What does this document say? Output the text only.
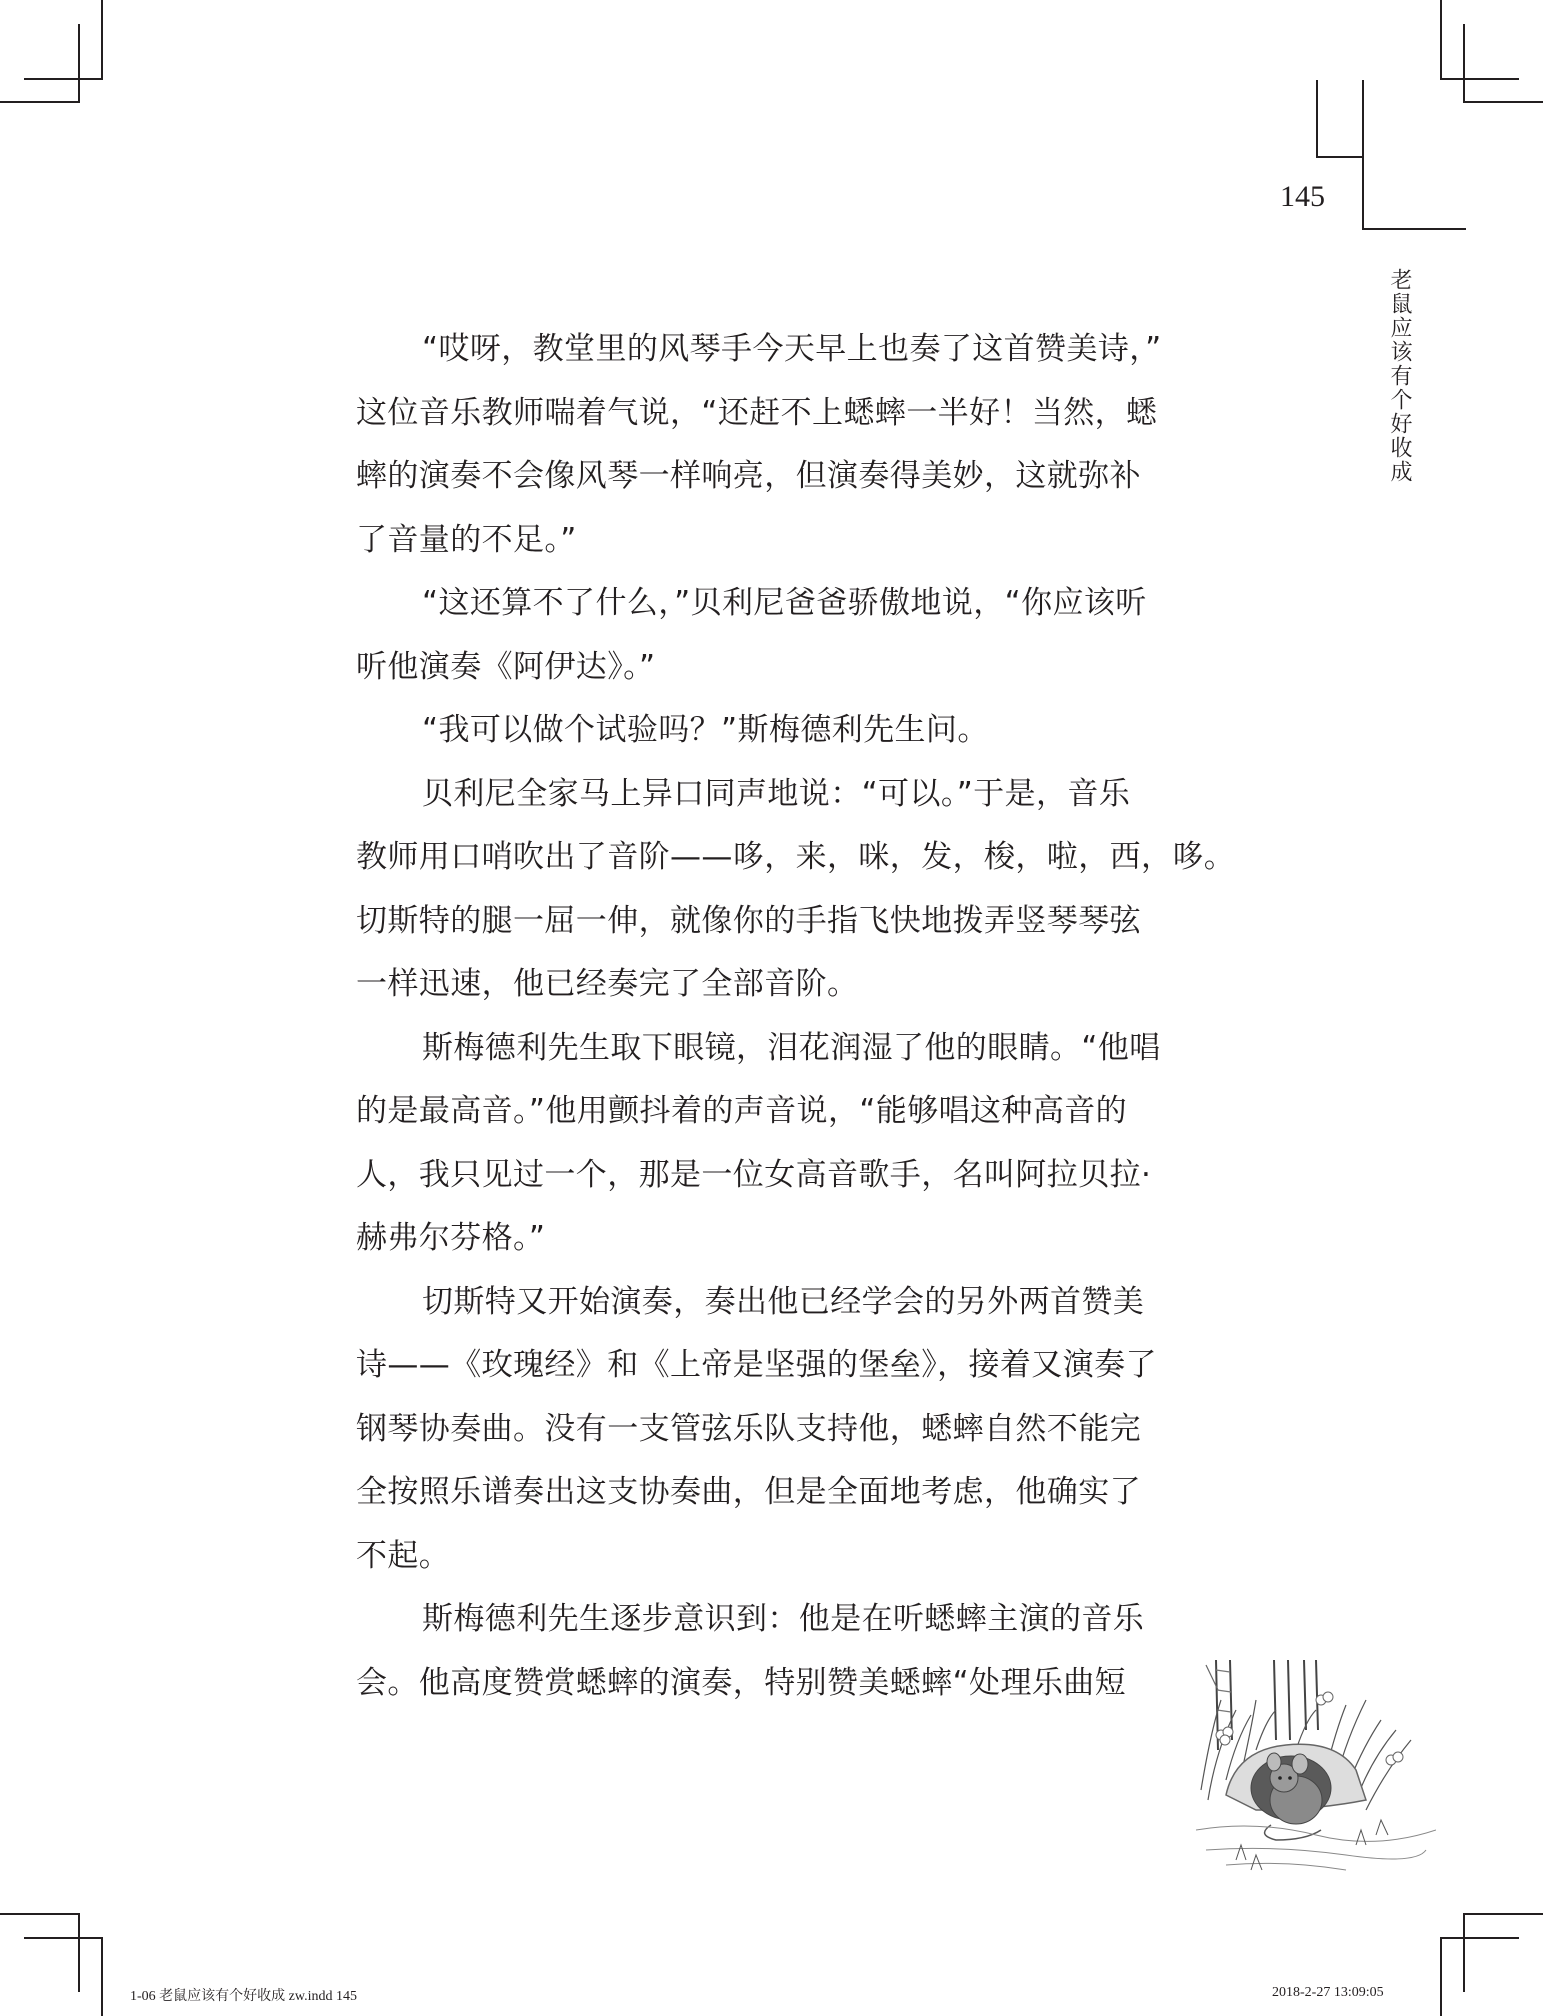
145
老鼠应该有个好收成

“哎呀，教堂里的风琴手今天早上也奏了这首赞美诗，”
这位音乐教师喘着气说，“还赶不上蟋蟀一半好！当然，蟋
蟀的演奏不会像风琴一样响亮，但演奏得美妙，这就弥补
了音量的不足。”

“这还算不了什么，”贝利尼爸爸骄傲地说，“你应该听
听他演奏《阿伊达》。”

“我可以做个试验吗？”斯梅德利先生问。

贝利尼全家马上异口同声地说：“可以。”于是，音乐
教师用口哨吹出了音阶——哆，来，咪，发，梭，啦，西，哆。
切斯特的腿一屈一伸，就像你的手指飞快地拨弄竖琴琴弦
一样迅速，他已经奏完了全部音阶。

斯梅德利先生取下眼镜，泪花润湿了他的眼睛。“他唱
的是最高音。”他用颤抖着的声音说，“能够唱这种高音的
人，我只见过一个，那是一位女高音歌手，名叫阿拉贝拉·
赫弗尔芬格。”

切斯特又开始演奏，奏出他已经学会的另外两首赞美
诗——《玫瑰经》和《上帝是坚强的堡垒》，接着又演奏了
钢琴协奏曲。没有一支管弦乐队支持他，蟋蟀自然不能完
全按照乐谱奏出这支协奏曲，但是全面地考虑，他确实了
不起。

斯梅德利先生逐步意识到：他是在听蟋蟀主演的音乐
会。他高度赞赏蟋蟀的演奏，特别赞美蟋蟀“处理乐曲短

1-06 老鼠应该有个好收成 zw.indd 145	2018-2-27 13:09:05
